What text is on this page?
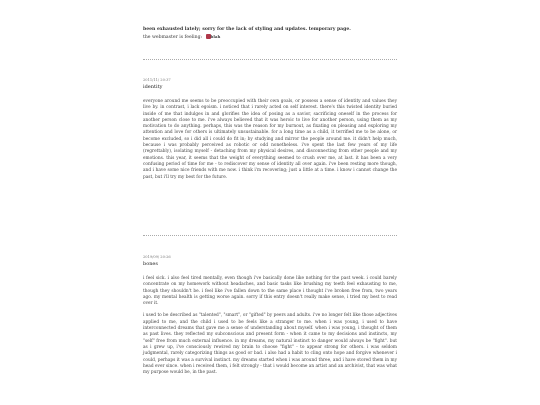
been exhausted lately; sorry for the lack of styling and updates. temporary page.
the webmaster is feeling: blah
2011/11/ 20:37
identity

everyone around me seems to be preoccupied with their own goals, or possess a sense of identity and values they live by. in contrast, i lack egoism. i noticed that i rarely acted on self interest. there's this twisted identity buried inside of me that indulges in and glorifies the idea of posing as a savior, sacrificing oneself in the process for another person close to me. i've always believed that it was heroic to live for another person, using them as my motivation to do anything. perhaps, this was the reason for my burnout, as fixating on pleasing and exploring my attention and love for others is ultimately unsustainable. for a long time as a child, it terrified me to be alone, or become excluded, so i did all i could do fit in; by studying and mirror the people around me. it didn't help much, because i was probably perceived as robotic or odd nonetheless. i've spent the last few years of my life (regrettably), isolating myself - detaching from my physical desires, and disconnecting from other people and my emotions. this year, it seems that the weight of everything seemed to crush over me, at last. it has been a very confusing period of time for me - to rediscover my sense of identity all over again. i've been resting more though, and i have some nice friends with me now. i think i'm recovering; just a little at a time. i know i cannot change the past, but i'll try my best for the future.

2019/09/ 20:26
bones

i feel sick. i also feel tired mentally, even though i've basically done like nothing for the past week. i could barely concentrate on my homework without headaches, and basic tasks like brushing my teeth feel exhausting to me, though they shouldn't be. i feel like i've fallen down to the same place i thought i've broken free from, two years ago. my mental health is getting worse again. sorry if this entry doesn't really make sense, i tried my best to read over it.

i used to be described as "talented", "smart", or "gifted" by peers and adults. i've no longer felt like those adjectives applied to me, and the child i used to be feels like a stranger to me. when i was young, i used to have interconnected dreams that gave me a sense of understanding about myself. when i was young, i thought of them as past lives. they reflected my subconscious and present form - when it came to my decisions and instincts, my "self" free from much external influence. in my dreams, my natural instinct to danger would always be "fight". but as i grew up, i've consciously rewired my brain to choose "fight" - to appear strong for others. i was seldom judgmental, rarely categorizing things as good or bad. i also had a habit to cling onto hope and forgive whenever i could, perhaps it was a survival instinct. my dreams started when i was around three, and i have stored them in my head ever since. when i received them, i felt strongly - that i would become an artist and an archivist, that was what my purpose would be, in the past.
